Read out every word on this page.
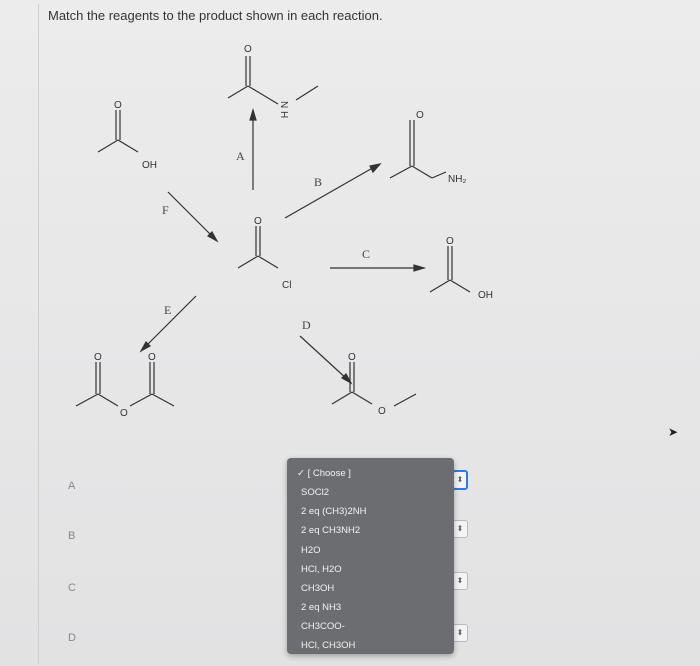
Match the reagents to the product shown in each reaction.
O
OH
O
N
H
A
F
O
Cl
B
O
NH₂
C
O
OH
E
D
O	O
O
O
O
A
B
C
D
⬍
⬍
⬍
⬍
✓ [ Choose ]
SOCl2
2 eq (CH3)2NH
2 eq CH3NH2
H2O
HCl, H2O
CH3OH
2 eq NH3
CH3COO-
HCl, CH3OH
➤
